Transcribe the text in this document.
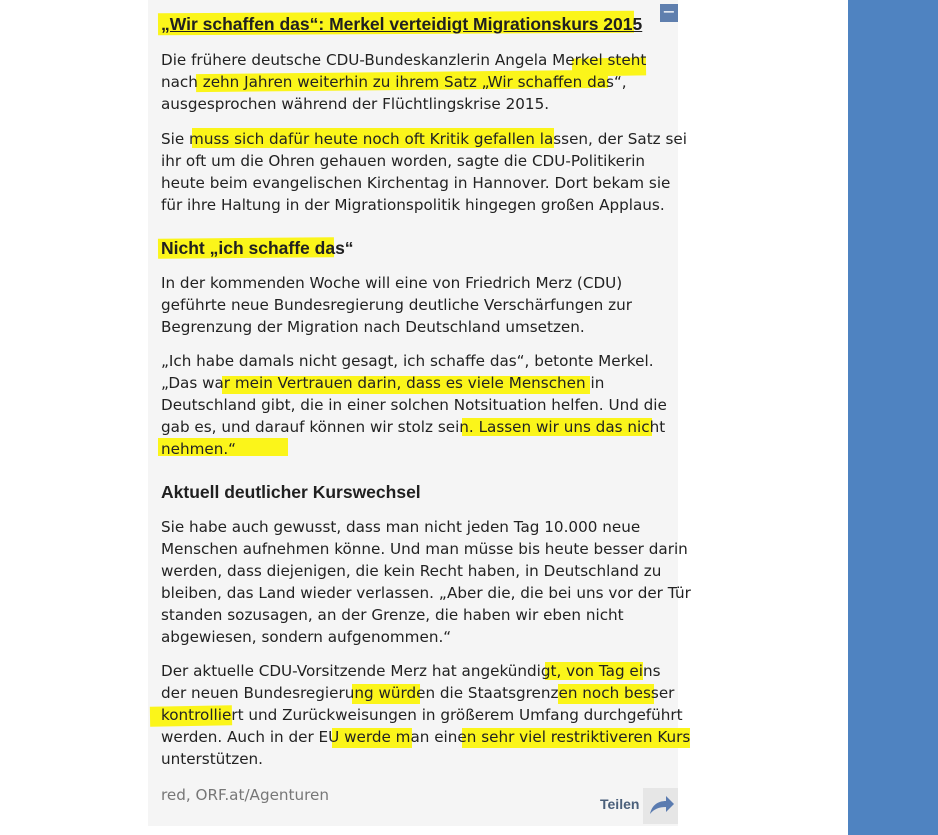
−
„Wir schaffen das“: Merkel verteidigt Migrationskurs 2015
Die frühere deutsche CDU-Bundeskanzlerin Angela Merkel steht
nach zehn Jahren weiterhin zu ihrem Satz „Wir schaffen das“,
ausgesprochen während der Flüchtlingskrise 2015.
Sie muss sich dafür heute noch oft Kritik gefallen lassen, der Satz sei
ihr oft um die Ohren gehauen worden, sagte die CDU-Politikerin
heute beim evangelischen Kirchentag in Hannover. Dort bekam sie
für ihre Haltung in der Migrationspolitik hingegen großen Applaus.
Nicht „ich schaffe das“
In der kommenden Woche will eine von Friedrich Merz (CDU)
geführte neue Bundesregierung deutliche Verschärfungen zur
Begrenzung der Migration nach Deutschland umsetzen.
„Ich habe damals nicht gesagt, ich schaffe das“, betonte Merkel.
„Das war mein Vertrauen darin, dass es viele Menschen in
Deutschland gibt, die in einer solchen Notsituation helfen. Und die
gab es, und darauf können wir stolz sein. Lassen wir uns das nicht
nehmen.“
Aktuell deutlicher Kurswechsel
Sie habe auch gewusst, dass man nicht jeden Tag 10.000 neue
Menschen aufnehmen könne. Und man müsse bis heute besser darin
werden, dass diejenigen, die kein Recht haben, in Deutschland zu
bleiben, das Land wieder verlassen. „Aber die, die bei uns vor der Tür
standen sozusagen, an der Grenze, die haben wir eben nicht
abgewiesen, sondern aufgenommen.“
Der aktuelle CDU-Vorsitzende Merz hat angekündigt, von Tag eins
der neuen Bundesregierung würden die Staatsgrenzen noch besser
kontrolliert und Zurückweisungen in größerem Umfang durchgeführt
werden. Auch in der EU werde man einen sehr viel restriktiveren Kurs
unterstützen.
red, ORF.at/Agenturen	Teilen
